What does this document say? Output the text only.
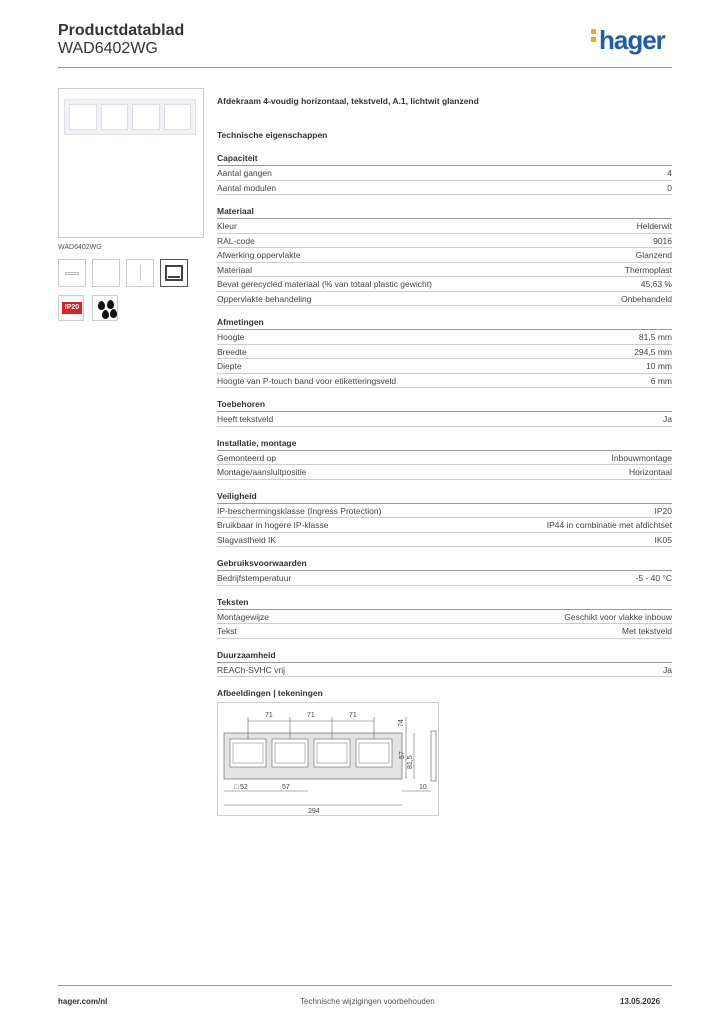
Productdatablad
WAD6402WG	hager
WAD6402WG
IP20
Afdekraam 4-voudig horizontaal, tekstveld, A.1, lichtwit glanzend
Technische eigenschappen
Capaciteit
Aantal gangen	4
Aantal modulen	0
Materiaal
Kleur	Helderwit
RAL-code	9016
Afwerking oppervlakte	Glanzend
Materiaal	Thermoplast
Bevat gerecycled materiaal (% van totaal plastic gewicht)	45,63 %
Oppervlakte behandeling	Onbehandeld
Afmetingen
Hoogte	81,5 mm
Breedte	294,5 mm
Diepte	10 mm
Hoogte van P-touch band voor etiketteringsveld	6 mm
Toebehoren
Heeft tekstveld	Ja
Installatie, montage
Gemonteerd op	Inbouwmontage
Montage/aansluitpositie	Horizontaal
Veiligheid
IP-beschermingsklasse (Ingress Protection)	IP20
Bruikbaar in hogere IP-klasse	IP44 in combinatie met afdichtset
Slagvastheid IK	IK05
Gebruiksvoorwaarden
Bedrijfstemperatuur	-5 - 40 °C
Teksten
Montagewijze	Geschikt voor vlakke inbouw
Tekst	Met tekstveld
Duurzaamheid
REACh-SVHC vrij	Ja
Afbeeldingen | tekeningen
71	71	71
74
57
81,5
52
□	57	10
294
hager.com/nl	Technische wijzigingen voorbehouden	13.05.2026
